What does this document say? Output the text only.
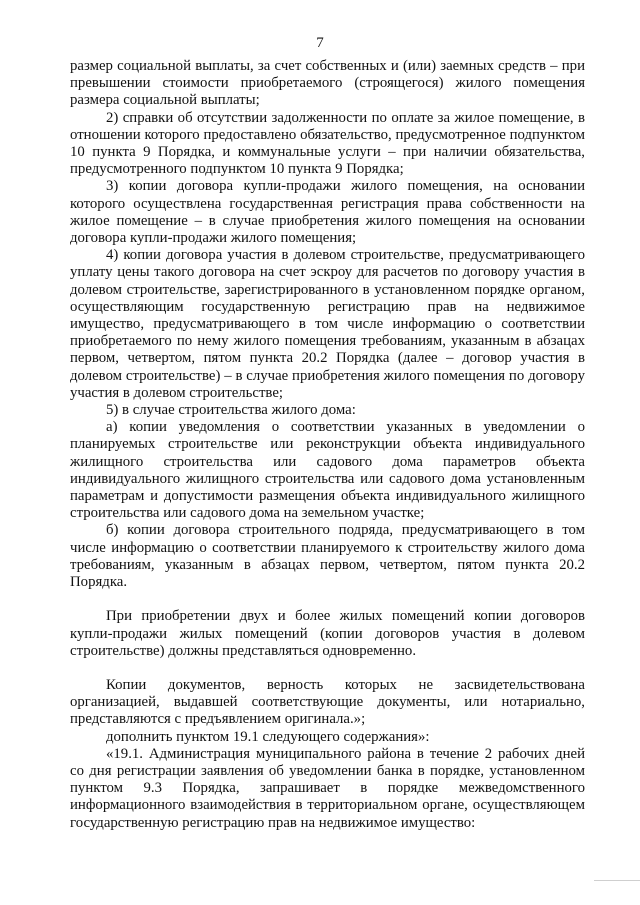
7

размер социальной выплаты, за счет собственных и (или) заемных средств – при превышении стоимости приобретаемого (строящегося) жилого помещения размера социальной выплаты;

2) справки об отсутствии задолженности по оплате за жилое помещение, в отношении которого предоставлено обязательство, предусмотренное подпунктом 10 пункта 9 Порядка, и коммунальные услуги – при наличии обязательства, предусмотренного подпунктом 10 пункта 9 Порядка;

3) копии договора купли-продажи жилого помещения, на основании которого осуществлена государственная регистрация права собственности на жилое помещение – в случае приобретения жилого помещения на основании договора купли-продажи жилого помещения;

4) копии договора участия в долевом строительстве, предусматривающего уплату цены такого договора на счет эскроу для расчетов по договору участия в долевом строительстве, зарегистрированного в установленном порядке органом, осуществляющим государственную регистрацию прав на недвижимое имущество, предусматривающего в том числе информацию о соответствии приобретаемого по нему жилого помещения требованиям, указанным в абзацах первом, четвертом, пятом пункта 20.2 Порядка (далее – договор участия в долевом строительстве) – в случае приобретения жилого помещения по договору участия в долевом строительстве;

5) в случае строительства жилого дома:

а) копии уведомления о соответствии указанных в уведомлении о планируемых строительстве или реконструкции объекта индивидуального жилищного строительства или садового дома параметров объекта индивидуального жилищного строительства или садового дома установленным параметрам и допустимости размещения объекта индивидуального жилищного строительства или садового дома на земельном участке;

б) копии договора строительного подряда, предусматривающего в том числе информацию о соответствии планируемого к строительству жилого дома требованиям, указанным в абзацах первом, четвертом, пятом пункта 20.2 Порядка.

При приобретении двух и более жилых помещений копии договоров купли-продажи жилых помещений (копии договоров участия в долевом строительстве) должны представляться одновременно.

Копии документов, верность которых не засвидетельствована организацией, выдавшей соответствующие документы, или нотариально, представляются с предъявлением оригинала.»;

дополнить пунктом 19.1 следующего содержания»:

«19.1. Администрация муниципального района в течение 2 рабочих дней со дня регистрации заявления об уведомлении банка в порядке, установленном пунктом 9.3 Порядка, запрашивает в порядке межведомственного информационного взаимодействия в территориальном органе, осуществляющем государственную регистрацию прав на недвижимое имущество:
